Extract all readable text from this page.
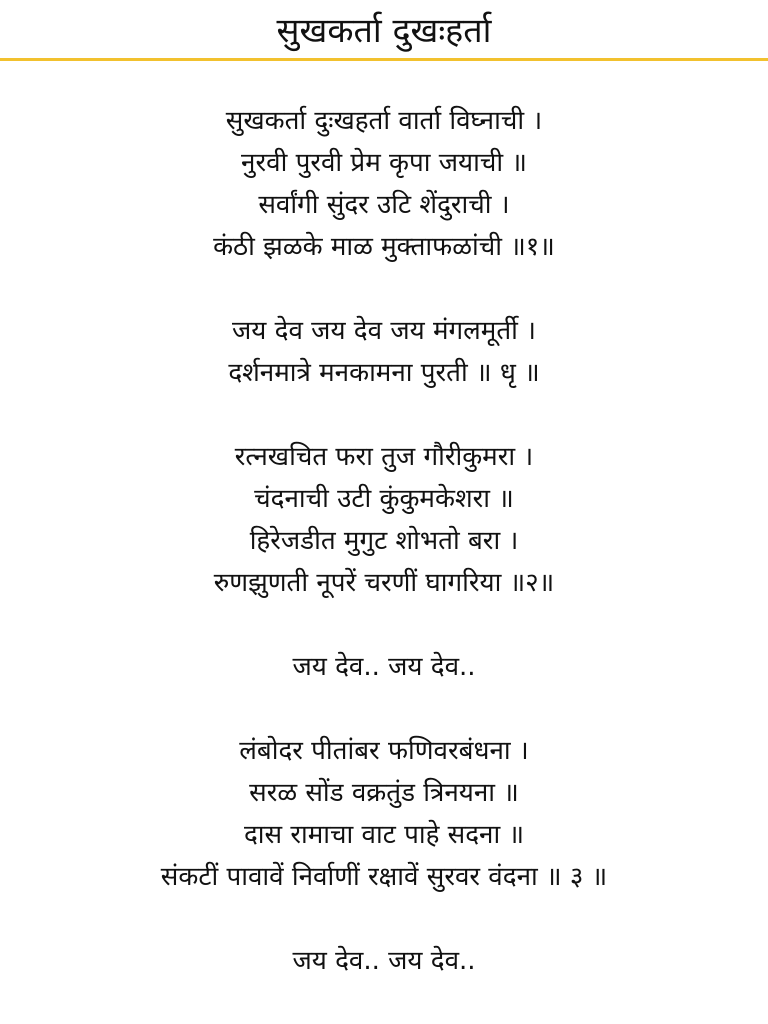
सुखकर्ता दुखःहर्ता
सुखकर्ता दुःखहर्ता वार्ता विघ्नाची ।
नुरवी पुरवी प्रेम कृपा जयाची ॥
सर्वांगी सुंदर उटि शेंदुराची ।
कंठी झळके माळ मुक्ताफळांची ॥१॥
जय देव जय देव जय मंगलमूर्ती ।
दर्शनमात्रे मनकामना पुरती ॥ धृ ॥
रत्नखचित फरा तुज गौरीकुमरा ।
चंदनाची उटी कुंकुमकेशरा ॥
हिरेजडीत मुगुट शोभतो बरा ।
रुणझुणती नूपरें चरणीं घागरिया ॥२॥
जय देव.. जय देव..
लंबोदर पीतांबर फणिवरबंधना ।
सरळ सोंड वक्रतुंड त्रिनयना ॥
दास रामाचा वाट पाहे सदना ॥
संकटीं पावावें निर्वाणीं रक्षावें सुरवर वंदना ॥ ३ ॥
जय देव.. जय देव..
